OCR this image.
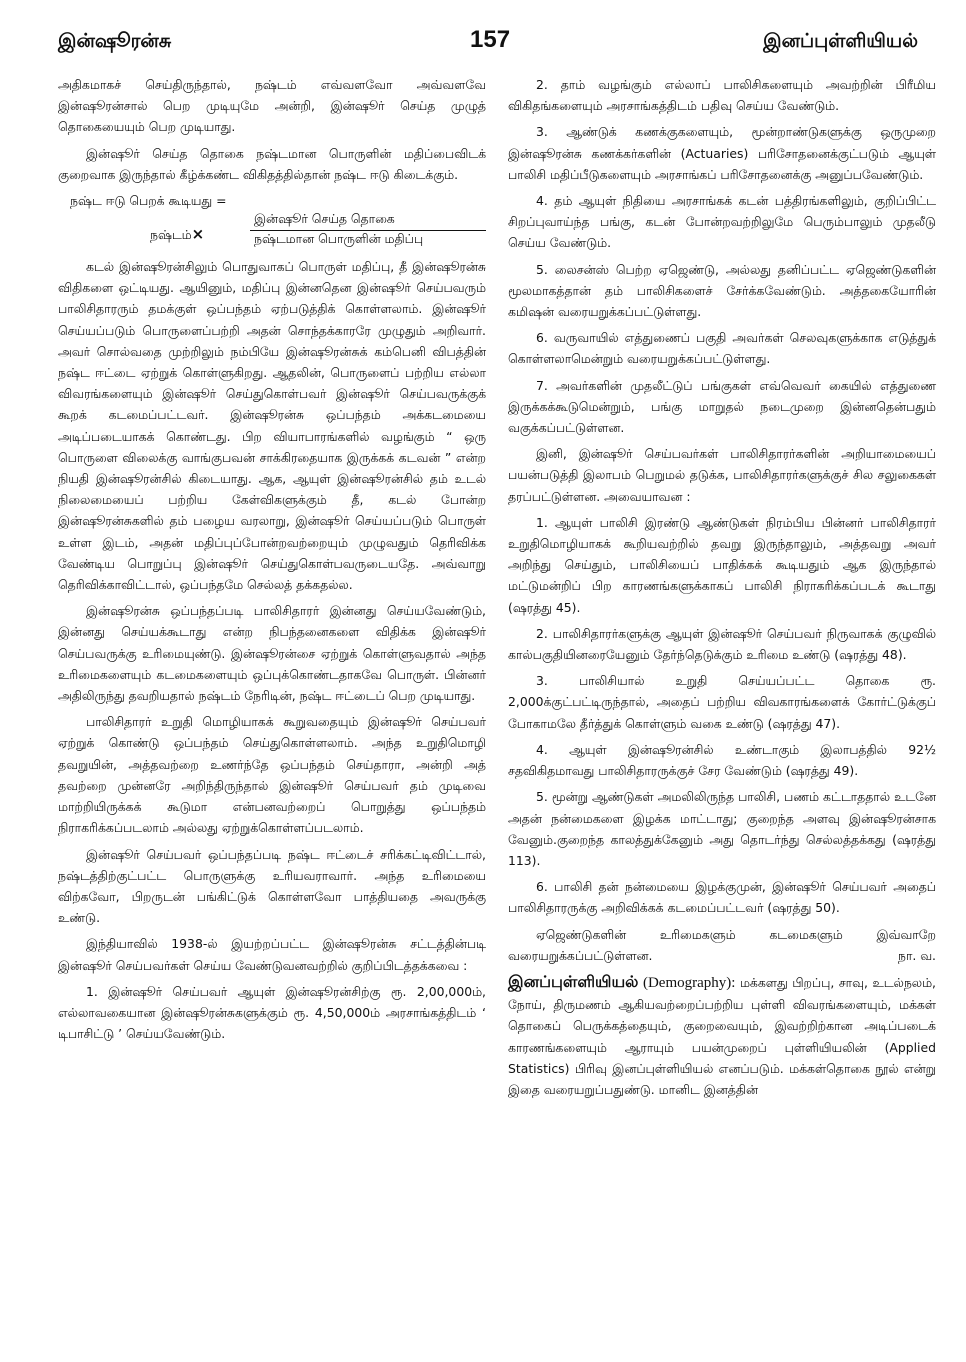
இன்ஷூரன்சு	157	இனப்புள்ளியியல்

அதிகமாகச் செய்திருந்தால், நஷ்டம் எவ்வளவோ அவ்வளவே இன்ஷூரன்சால் பெற முடியுமே அன்றி, இன்ஷூர் செய்த முழுத் தொகையையும் பெற முடியாது.

இன்ஷூர் செய்த தொகை நஷ்டமான பொருளின் மதிப்பைவிடக் குறைவாக இருந்தால் கீழ்க்கண்ட விகிதத்தில்தான் நஷ்ட ஈடு கிடைக்கும்.

நஷ்ட ஈடு பெறக் கூடியது =
நஷ்டம்×
இன்ஷூர் செய்த தொகை
நஷ்டமான பொருளின் மதிப்பு

கடல் இன்ஷூரன்சிலும் பொதுவாகப் பொருள் மதிப்பு, தீ இன்ஷூரன்சு விதிகளை ஒட்டியது. ஆயினும், மதிப்பு இன்னதென இன்ஷூர் செய்பவரும் பாலிசிதாரரும் தமக்குள் ஒப்பந்தம் ஏற்படுத்திக் கொள்ளலாம். இன்ஷூர் செய்யப்படும் பொருளைப்பற்றி அதன் சொந்தக்காரரே முழுதும் அறிவார். அவர் சொல்வதை முற்றிலும் நம்பியே இன்ஷூரன்சுக் கம்பெனி விபத்தின் நஷ்ட ஈட்டை ஏற்றுக் கொள்ளுகிறது. ஆதலின், பொருளைப் பற்றிய எல்லா விவரங்களையும் இன்ஷூர் செய்துகொள்பவர் இன்ஷூர் செய்பவருக்குக் கூறக் கடமைப்பட்டவர். இன்ஷூரன்சு ஒப்பந்தம் அக்கடமையை அடிப்படையாகக் கொண்டது. பிற வியாபாரங்களில் வழங்கும் “ ஒரு பொருளை விலைக்கு வாங்குபவன் சாக்கிரதையாக இருக்கக் கடவன் ” என்ற நியதி இன்ஷூரன்சில் கிடையாது. ஆக, ஆயுள் இன்ஷூரன்சில் தம் உடல் நிலைமையைப் பற்றிய கேள்விகளுக்கும் தீ, கடல் போன்ற இன்ஷூரன்சுகளில் தம் பழைய வரலாறு, இன்ஷூர் செய்யப்படும் பொருள் உள்ள இடம், அதன் மதிப்புப்போன்றவற்றையும் முழுவதும் தெரிவிக்க வேண்டிய பொறுப்பு இன்ஷூர் செய்துகொள்பவருடையதே. அவ்வாறு தெரிவிக்காவிட்டால், ஒப்பந்தமே செல்லத் தக்கதல்ல.

இன்ஷூரன்சு ஒப்பந்தப்படி பாலிசிதாரர் இன்னது செய்யவேண்டும், இன்னது செய்யக்கூடாது என்ற நிபந்தனைகளை விதிக்க இன்ஷூர் செய்பவருக்கு உரிமையுண்டு. இன்ஷூரன்சை ஏற்றுக் கொள்ளுவதால் அந்த உரிமைகளையும் கடமைகளையும் ஒப்புக்கொண்டதாகவே பொருள். பின்னர் அதிலிருந்து தவறியதால் நஷ்டம் நேரிடின், நஷ்ட ஈட்டைப் பெற முடியாது.

பாலிசிதாரர் உறுதி மொழியாகக் கூறுவதையும் இன்ஷூர் செய்பவர் ஏற்றுக் கொண்டு ஒப்பந்தம் செய்துகொள்ளலாம். அந்த உறுதிமொழி தவறுயின், அத்தவற்றை உணர்ந்தே ஒப்பந்தம் செய்தாரா, அன்றி அத் தவற்றை முன்னரே அறிந்திருந்தால் இன்ஷூர் செய்பவர் தம் முடிவை மாற்றியிருக்கக் கூடுமா என்பனவற்றைப் பொறுத்து ஒப்பந்தம் நிராகரிக்கப்படலாம் அல்லது ஏற்றுக்கொள்ளப்படலாம்.

இன்ஷூர் செய்பவர் ஒப்பந்தப்படி நஷ்ட ஈட்டைச் சரிக்கட்டிவிட்டால், நஷ்டத்திற்குட்பட்ட பொருளுக்கு உரியவராவார். அந்த உரிமையை விற்கவோ, பிறருடன் பங்கிட்டுக் கொள்ளவோ பாத்தியதை அவருக்கு உண்டு.

இந்தியாவில் 1938-ல் இயற்றப்பட்ட இன்ஷூரன்சு சட்டத்தின்படி இன்ஷூர் செய்பவர்கள் செய்ய வேண்டுவனவற்றில் குறிப்பிடத்தக்கவை :

1. இன்ஷூர் செய்பவர் ஆயுள் இன்ஷூரன்சிற்கு ரூ. 2,00,000ம், எல்லாவகையான இன்ஷூரன்சுகளுக்கும் ரூ. 4,50,000ம் அரசாங்கத்திடம் ‘ டிபாசிட்டு ’ செய்யவேண்டும்.

2. தாம் வழங்கும் எல்லாப் பாலிசிகளையும் அவற்றின் பிரீமிய விகிதங்களையும் அரசாங்கத்திடம் பதிவு செய்ய வேண்டும்.

3. ஆண்டுக் கணக்குகளையும், மூன்றாண்டுகளுக்கு ஒருமுறை இன்ஷூரன்சு கணக்கர்களின் (Actuaries) பரிசோதனைக்குட்படும் ஆயுள் பாலிசி மதிப்பீடுகளையும் அரசாங்கப் பரிசோதனைக்கு அனுப்பவேண்டும்.

4. தம் ஆயுள் நிதியை அரசாங்கக் கடன் பத்திரங்களிலும், குறிப்பிட்ட சிறப்புவாய்ந்த பங்கு, கடன் போன்றவற்றிலுமே பெரும்பாலும் முதலீடு செய்ய வேண்டும்.

5. லைசன்ஸ் பெற்ற ஏஜெண்டு, அல்லது தனிப்பட்ட ஏஜெண்டுகளின் மூலமாகத்தான் தம் பாலிசிகளைச் சேர்க்கவேண்டும். அத்தகையோரின் கமிஷன் வரையறுக்கப்பட்டுள்ளது.

6. வருவாயில் எத்துணைப் பகுதி அவர்கள் செலவுகளுக்காக எடுத்துக் கொள்ளலாமென்றும் வரையறுக்கப்பட்டுள்ளது.

7. அவர்களின் முதலீட்டுப் பங்குகள் எவ்வெவர் கையில் எத்துணை இருக்கக்கூடுமென்றும், பங்கு மாறுதல் நடைமுறை இன்னதென்பதும் வகுக்கப்பட்டுள்ளன.

இனி, இன்ஷூர் செய்பவர்கள் பாலிசிதாரர்களின் அறியாமையைப் பயன்படுத்தி இலாபம் பெறுமல் தடுக்க, பாலிசிதாரர்களுக்குச் சில சலுகைகள் தரப்பட்டுள்ளன. அவையாவன :

1. ஆயுள் பாலிசி இரண்டு ஆண்டுகள் நிரம்பிய பின்னர் பாலிசிதாரர் உறுதிமொழியாகக் கூறியவற்றில் தவறு இருந்தாலும், அத்தவறு அவர் அறிந்து செய்தும், பாலிசியைப் பாதிக்கக் கூடியதும் ஆக இருந்தால் மட்டுமன்றிப் பிற காரணங்களுக்காகப் பாலிசி நிராகரிக்கப்படக் கூடாது (ஷரத்து 45).

2. பாலிசிதாரர்களுக்கு ஆயுள் இன்ஷூர் செய்பவர் நிருவாகக் குழுவில் கால்பகுதியினரையேனும் தேர்ந்தெடுக்கும் உரிமை உண்டு (ஷரத்து 48).

3. பாலிசியால் உறுதி செய்யப்பட்ட தொகை ரூ. 2,000க்குட்பட்டிருந்தால், அதைப் பற்றிய விவகாரங்களைக் கோர்ட்டுக்குப் போகாமலே தீர்த்துக் கொள்ளும் வகை உண்டு (ஷரத்து 47).

4. ஆயுள் இன்ஷூரன்சில் உண்டாகும் இலாபத்தில் 92½ சதவிகிதமாவது பாலிசிதாரருக்குச் சேர வேண்டும் (ஷரத்து 49).

5. மூன்று ஆண்டுகள் அமலிலிருந்த பாலிசி, பணம் கட்டாததால் உடனே அதன் நன்மைகளை இழக்க மாட்டாது; குறைந்த அளவு இன்ஷூரன்சாக வேனும்.குறைந்த காலத்துக்கேனும் அது தொடர்ந்து செல்லத்தக்கது (ஷரத்து 113).

6. பாலிசி தன் நன்மையை இழக்குமுன், இன்ஷூர் செய்பவர் அதைப் பாலிசிதாரருக்கு அறிவிக்கக் கடமைப்பட்டவர் (ஷரத்து 50).

ஏஜெண்டுகளின் உரிமைகளும் கடமைகளும் இவ்வாறே வரையறுக்கப்பட்டுள்ளன.	நா. வ.

இனப்புள்ளியியல் (Demography): மக்களது பிறப்பு, சாவு, உடல்நலம், நோய், திருமணம் ஆகியவற்றைப்பற்றிய புள்ளி விவரங்களையும், மக்கள் தொகைப் பெருக்கத்தையும், குறைவையும், இவற்றிற்கான அடிப்படைக் காரணங்களையும் ஆராயும் பயன்முறைப் புள்ளியியலின் (Applied Statistics) பிரிவு இனப்புள்ளியியல் எனப்படும். மக்கள்தொகை நூல் என்று இதை வரையறுப்பதுண்டு. மானிட இனத்தின்
